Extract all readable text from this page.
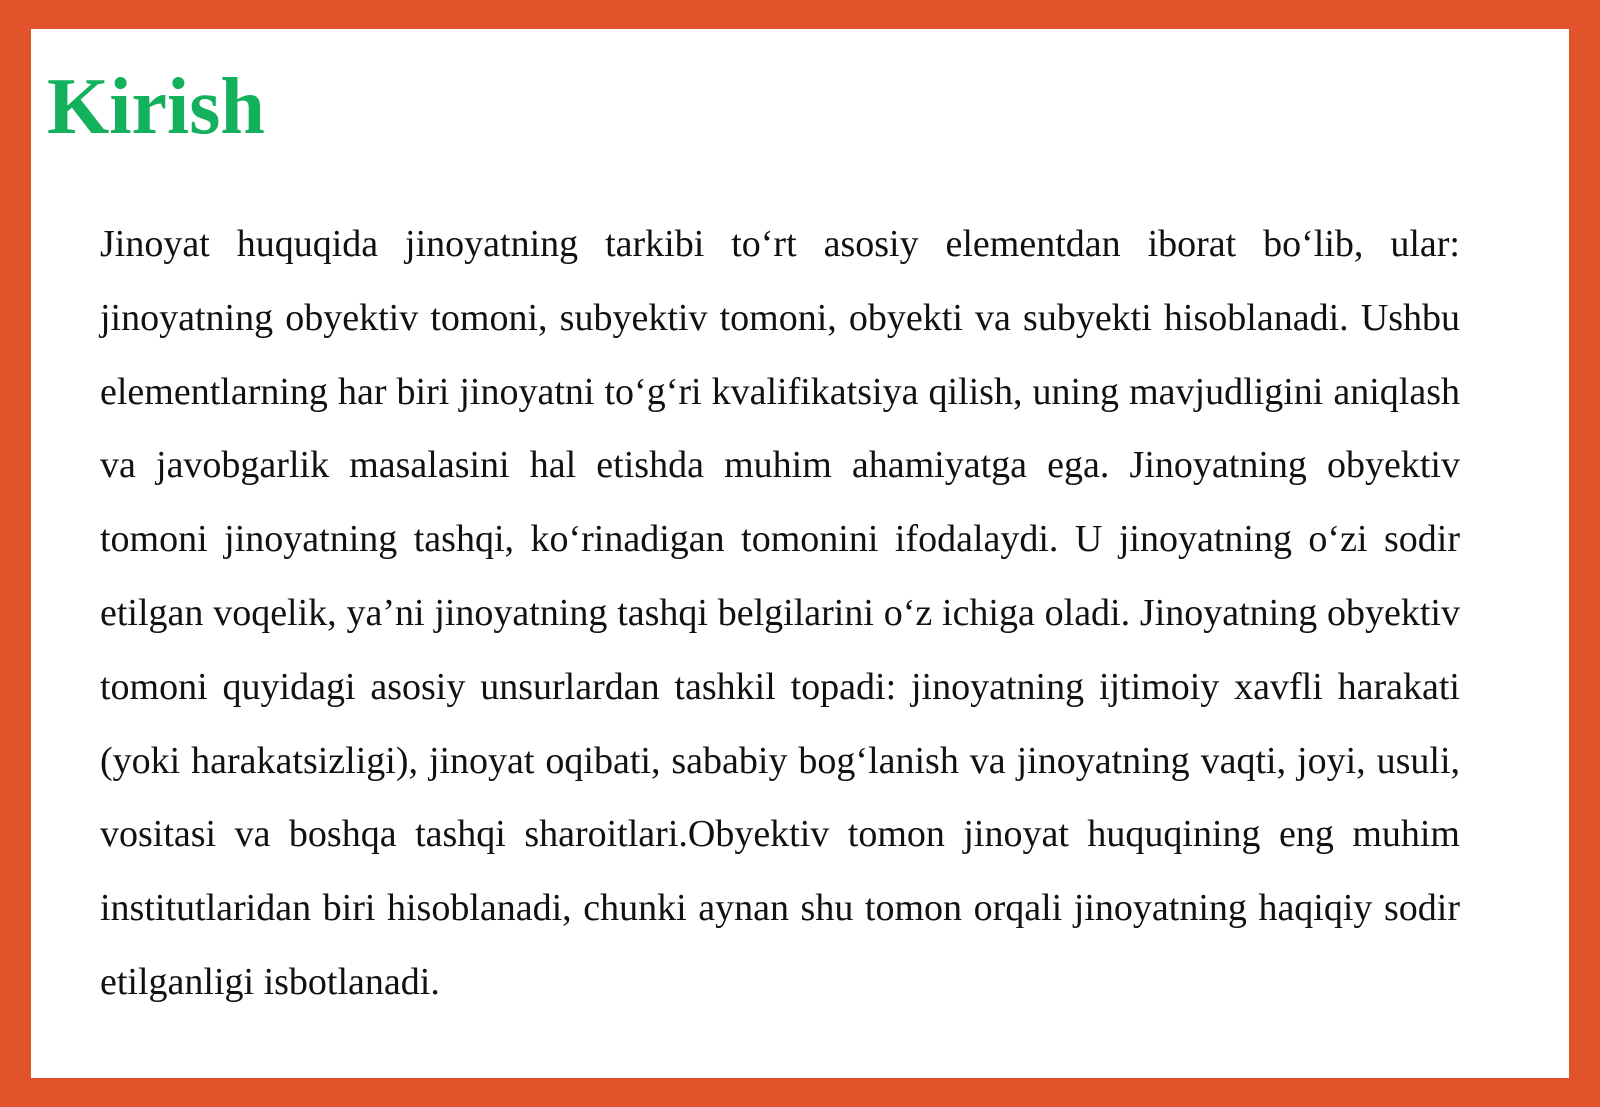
Kirish

Jinoyat huquqida jinoyatning tarkibi to‘rt asosiy elementdan iborat bo‘lib, ular: jinoyatning obyektiv tomoni, subyektiv tomoni, obyekti va subyekti hisoblanadi. Ushbu elementlarning har biri jinoyatni to‘g‘ri kvalifikatsiya qilish, uning mavjudligini aniqlash va javobgarlik masalasini hal etishda muhim ahamiyatga ega. Jinoyatning obyektiv tomoni jinoyatning tashqi, ko‘rinadigan tomonini ifodalaydi. U jinoyatning o‘zi sodir etilgan voqelik, ya’ni jinoyatning tashqi belgilarini o‘z ichiga oladi. Jinoyatning obyektiv tomoni quyidagi asosiy unsurlardan tashkil topadi: jinoyatning ijtimoiy xavfli harakati (yoki harakatsizligi), jinoyat oqibati, sababiy bog‘lanish va jinoyatning vaqti, joyi, usuli, vositasi va boshqa tashqi sharoitlari.Obyektiv tomon jinoyat huquqining eng muhim institutlaridan biri hisoblanadi, chunki aynan shu tomon orqali jinoyatning haqiqiy sodir etilganligi isbotlanadi.
